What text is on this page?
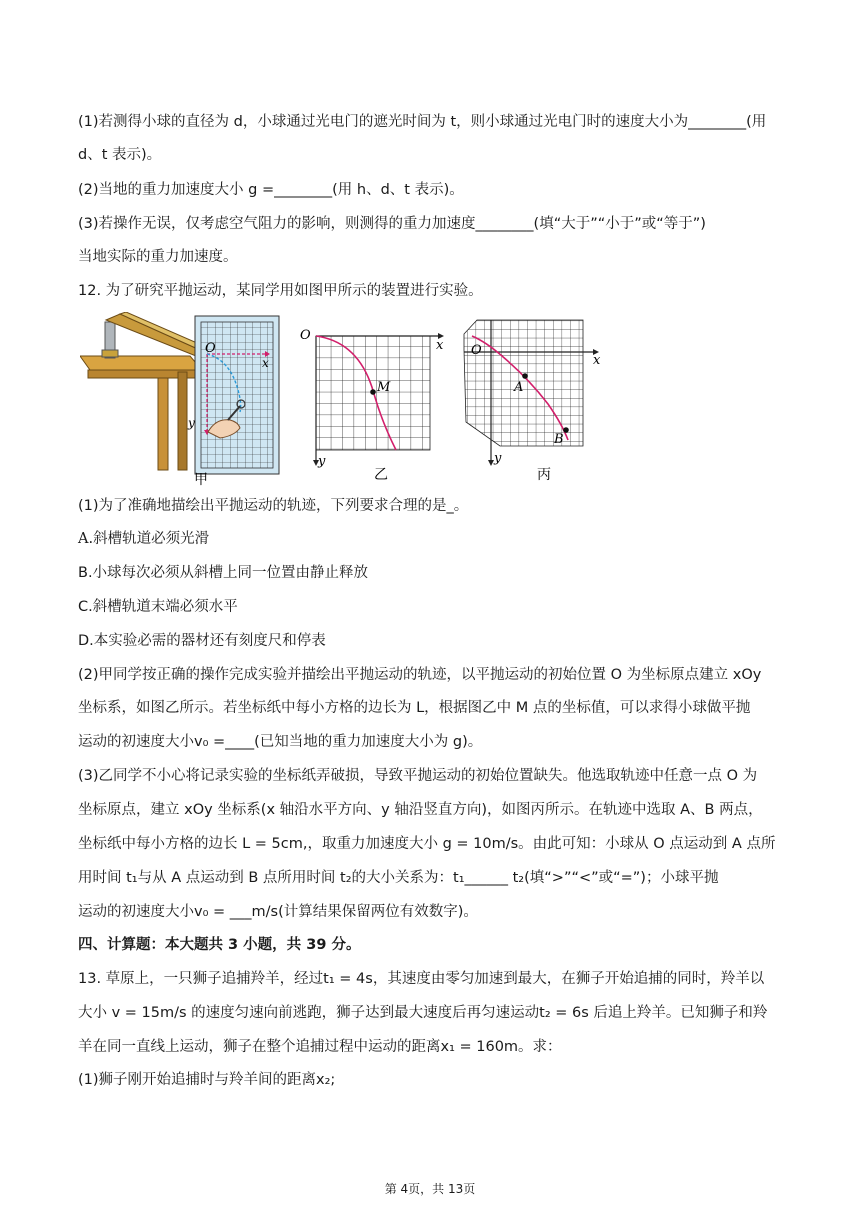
(1)若测得小球的直径为 d，小球通过光电门的遮光时间为 t，则小球通过光电门时的速度大小为________(用
d、t 表示)。
(2)当地的重力加速度大小 g =________(用 h、d、t 表示)。
(3)若操作无误，仅考虑空气阻力的影响，则测得的重力加速度________(填“大于”“小于”或“等于”)
当地实际的重力加速度。
12. 为了研究平抛运动，某同学用如图甲所示的装置进行实验。
O
x
y
甲
O
x
y
M
乙
O
x
y
A
B
丙
(1)为了准确地描绘出平抛运动的轨迹，下列要求合理的是_。
A.斜槽轨道必须光滑
B.小球每次必须从斜槽上同一位置由静止释放
C.斜槽轨道末端必须水平
D.本实验必需的器材还有刻度尺和停表
(2)甲同学按正确的操作完成实验并描绘出平抛运动的轨迹，以平抛运动的初始位置 O 为坐标原点建立 xOy
坐标系，如图乙所示。若坐标纸中每小方格的边长为 L，根据图乙中 M 点的坐标值，可以求得小球做平抛
运动的初速度大小v₀ =____(已知当地的重力加速度大小为 g)。
(3)乙同学不小心将记录实验的坐标纸弄破损，导致平抛运动的初始位置缺失。他选取轨迹中任意一点 O 为
坐标原点，建立 xOy 坐标系(x 轴沿水平方向、y 轴沿竖直方向)，如图丙所示。在轨迹中选取 A、B 两点，
坐标纸中每小方格的边长 L = 5cm,，取重力加速度大小 g = 10m/s。由此可知：小球从 O 点运动到 A 点所
用时间 t₁与从 A 点运动到 B 点所用时间 t₂的大小关系为：t₁______ t₂(填“>”“<”或“=”)；小球平抛
运动的初速度大小v₀ = ___m/s(计算结果保留两位有效数字)。
四、计算题：本大题共 3 小题，共 39 分。
13. 草原上，一只狮子追捕羚羊，经过t₁ = 4s，其速度由零匀加速到最大，在狮子开始追捕的同时，羚羊以
大小 v = 15m/s 的速度匀速向前逃跑，狮子达到最大速度后再匀速运动t₂ = 6s 后追上羚羊。已知狮子和羚
羊在同一直线上运动，狮子在整个追捕过程中运动的距离x₁ = 160m。求：
(1)狮子刚开始追捕时与羚羊间的距离x₂;
第 4页，共 13页
